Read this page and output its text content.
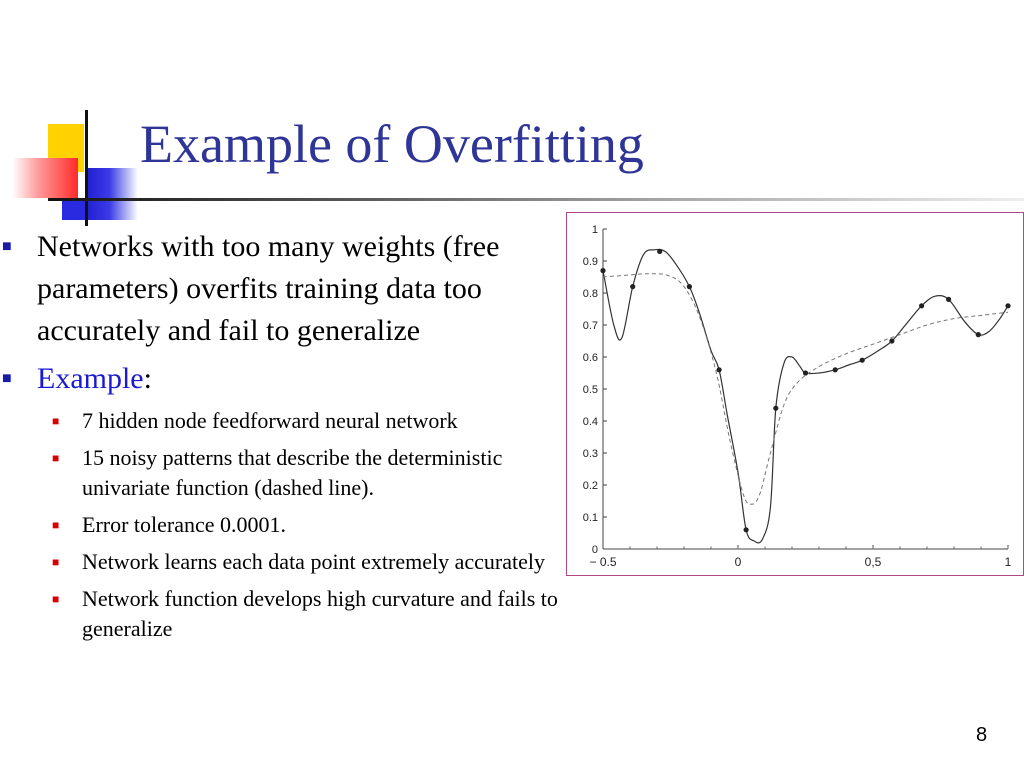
Example of Overfitting

■ Networks with too many weights (free parameters) overfits training data too accurately and fail to generalize

■ Example:

■ 7 hidden node feedforward neural network

■ 15 noisy patterns that describe the deterministic univariate function (dashed line).

■ Error tolerance 0.0001.

■ Network learns each data point extremely accurately

■ Network function develops high curvature and fails to generalize

0
0.1
0.2
0.3
0.4
0.5
0.6
0.7
0.8
0.9
1
− 0.5	0	0,5	1
8
